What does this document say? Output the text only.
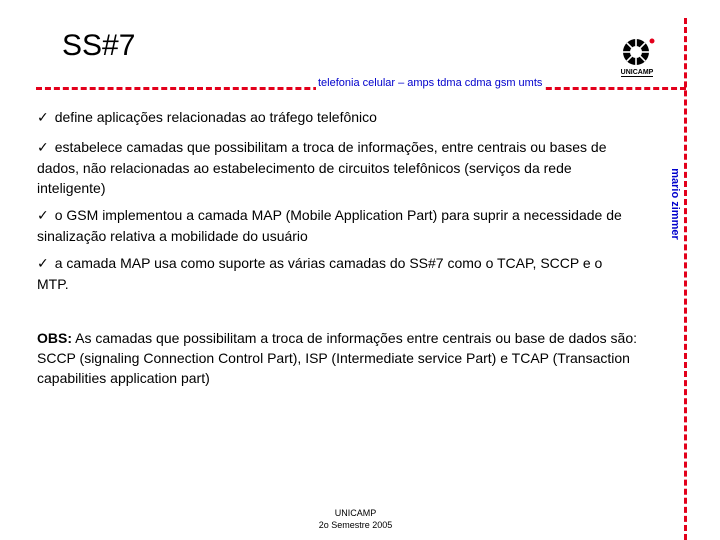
SS#7
UNICAMP
telefonia celular – amps tdma cdma gsm umts
mario zimmer

✓ define aplicações relacionadas ao tráfego telefônico

✓ estabelece camadas que possibilitam a troca de informações, entre centrais ou bases de dados, não relacionadas ao estabelecimento de circuitos telefônicos (serviços da rede inteligente)

✓ o GSM implementou a camada MAP (Mobile Application Part) para suprir a necessidade de sinalização relativa a mobilidade do usuário

✓ a camada MAP usa como suporte as várias camadas do SS#7 como o TCAP, SCCP e o MTP.

OBS: As camadas que possibilitam a troca de informações entre centrais ou base de dados são: SCCP (signaling Connection Control Part), ISP (Intermediate service Part) e TCAP (Transaction capabilities application part)

UNICAMP
2o Semestre 2005
